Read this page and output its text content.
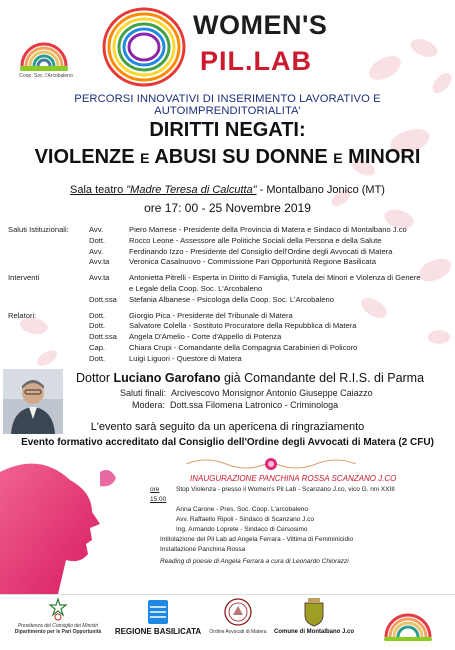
Coop. Soc. l'Arcobaleno
WOMEN'S
PIL.LAB
PERCORSI INNOVATIVI DI INSERIMENTO LAVORATIVO E AUTOIMPRENDITORIALITA'
DIRITTI NEGATI:
VIOLENZE E ABUSI SU DONNE E MINORI
Sala teatro "Madre Teresa di Calcutta" - Montalbano Jonico (MT)
ore 17: 00 - 25 Novembre 2019
Saluti Istituzionali:	Avv.	Piero Marrese - Presidente della Provincia di Matera e Sindaco di Montalbano J.co
Dott.	Rocco Leone - Assessore alle Politiche Sociali della Persona e della Salute
Avv.	Ferdinando Izzo - Presidente del Consiglio dell'Ordine degli Avvocati di Matera
Avv.ta	Veronica Casalnuovo - Commissione Pari Opportunità Regione Basilicata
Interventi	Avv.ta	Antonietta Pitrelli - Esperta in Diritto di Famiglia, Tutela dei Minori e Violenza di Genere
e Legale della Coop. Soc. L'Arcobaleno
Dott.ssa	Stefania Albanese - Psicologa della Coop. Soc. L'Arcobaleno
Relatori:	Dott.	Giorgio Pica - Presidente del Tribunale di Matera
Dott.	Salvatore Colella - Sostituto Procuratore della Repubblica di Matera
Dott.ssa	Angela D'Amelio - Corte d'Appello di Potenza
Cap.	Chiara Crupi - Comandante della Compagnia Carabinieri di Policoro
Dott.	Luigi Liguori - Questore di Matera
Dottor Luciano Garofano già Comandante del R.I.S. di Parma
Saluti finali: Arcivescovo Monsignor Antonio Giuseppe Caiazzo
Modera: Dott.ssa Filomena Latronico - Criminologa
L'evento sarà seguito da un apericena di ringraziamento
Evento formativo accreditato dal Consiglio dell'Ordine degli Avvocati di Matera (2 CFU)
INAUGURAZIONE PANCHINA ROSSA SCANZANO J.CO
ore 15:00
Stop Violenza - presso il Women's Pil Lab - Scanzano J.co, vico G. nni XXIII
Anna Carone - Pres. Soc. Coop. L'arcobaleno
Avv. Raffaello Ripoli - Sindaco di Scanzano J.co
Ing. Armando Loprete - Sindaco di Cersosimo
Intitolazione del Pil Lab ad Angela Ferrara - Vittima di Femminicidio
Installazione Panchina Rossa
Reading di poesie di Angela Ferrara a cura di Leonardo Chiorazzi
Presidenza del Consiglio dei Ministri
Dipartimento per le Pari Opportunità	REGIONE BASILICATA	Ordine Avvocati di Matera	Comune di Montalbano J.co
